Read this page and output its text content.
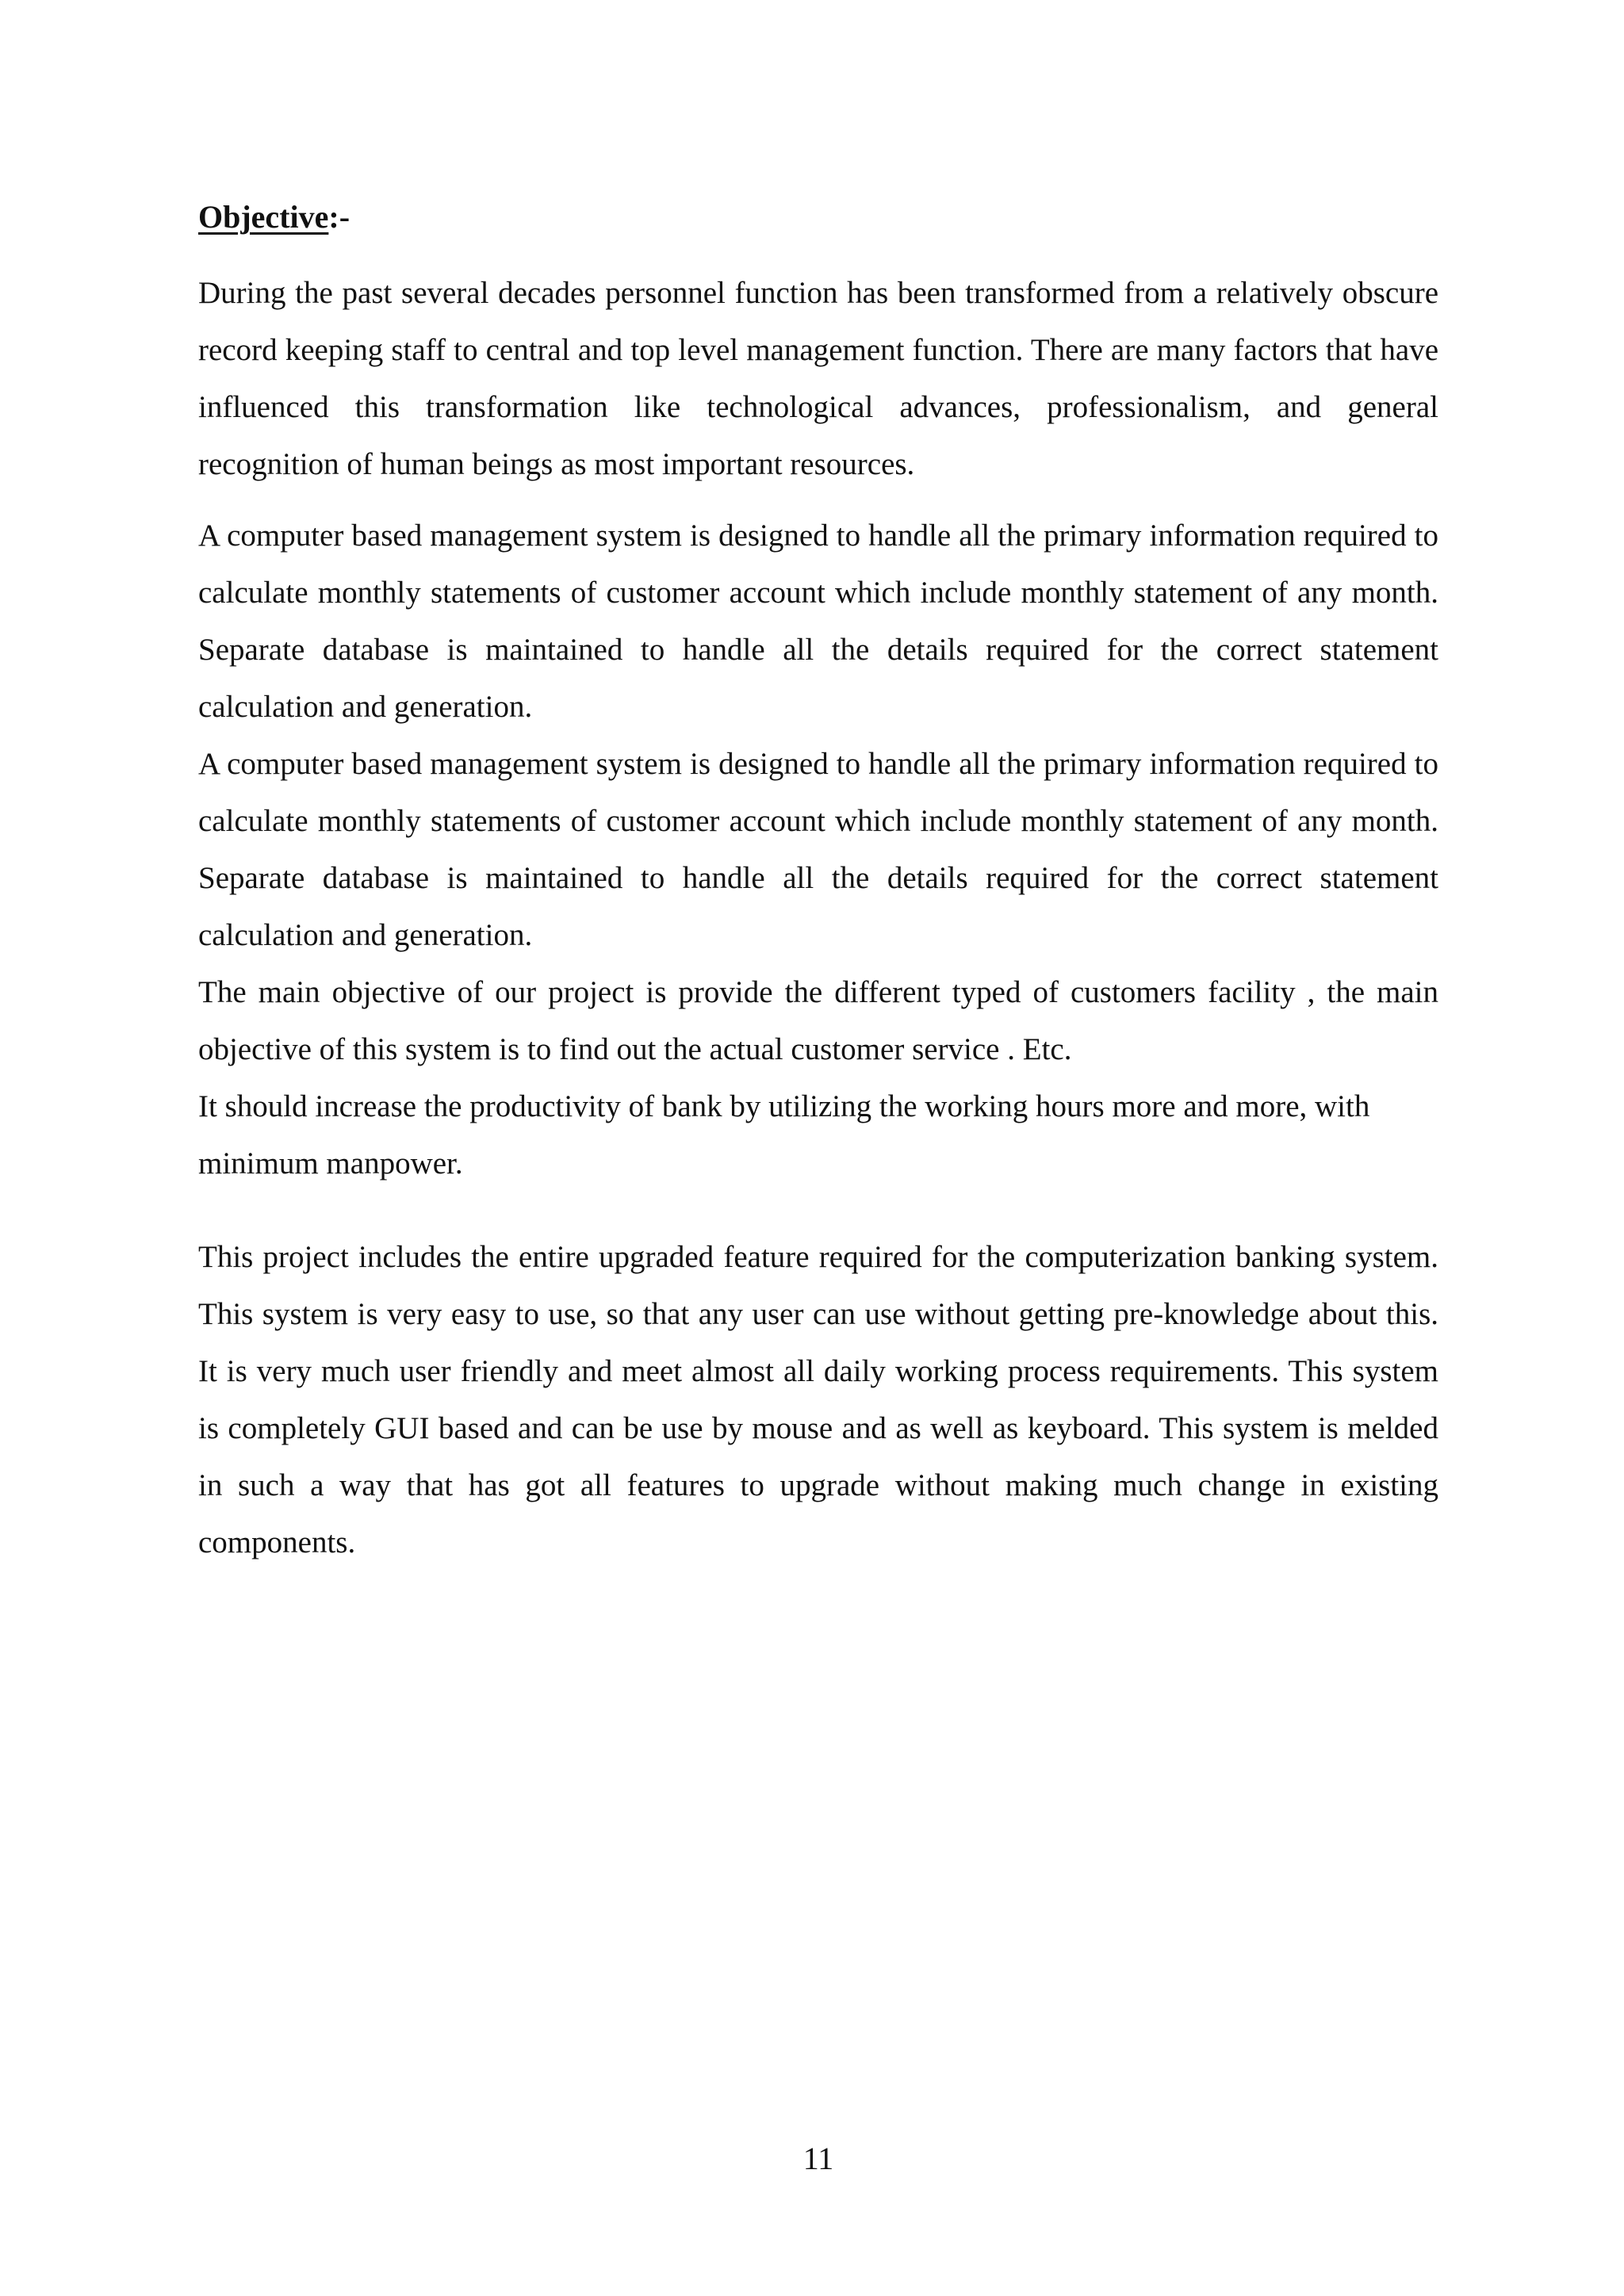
Objective:-

During the past several decades personnel function has been transformed from a relatively obscure record keeping staff to central and top level management function. There are many factors that have influenced this transformation like technological advances, professionalism, and general recognition of human beings as most important resources.

A computer based management system is designed to handle all the primary information required to calculate monthly statements of customer account which include monthly statement of any month. Separate database is maintained to handle all the details required for the correct statement calculation and generation.

A computer based management system is designed to handle all the primary information required to calculate monthly statements of customer account which include monthly statement of any month. Separate database is maintained to handle all the details required for the correct statement calculation and generation.

The main objective of our project is provide the different typed of customers facility , the main objective of this system is to find out the actual customer service . Etc.

It should increase the productivity of bank by utilizing the working hours more and more, with minimum manpower.

This project includes the entire upgraded feature required for the computerization banking system. This system is very easy to use, so that any user can use without getting pre-knowledge about this. It is very much user friendly and meet almost all daily working process requirements. This system is completely GUI based and can be use by mouse and as well as keyboard. This system is melded in such a way that has got all features to upgrade without making much change in existing components.

11
